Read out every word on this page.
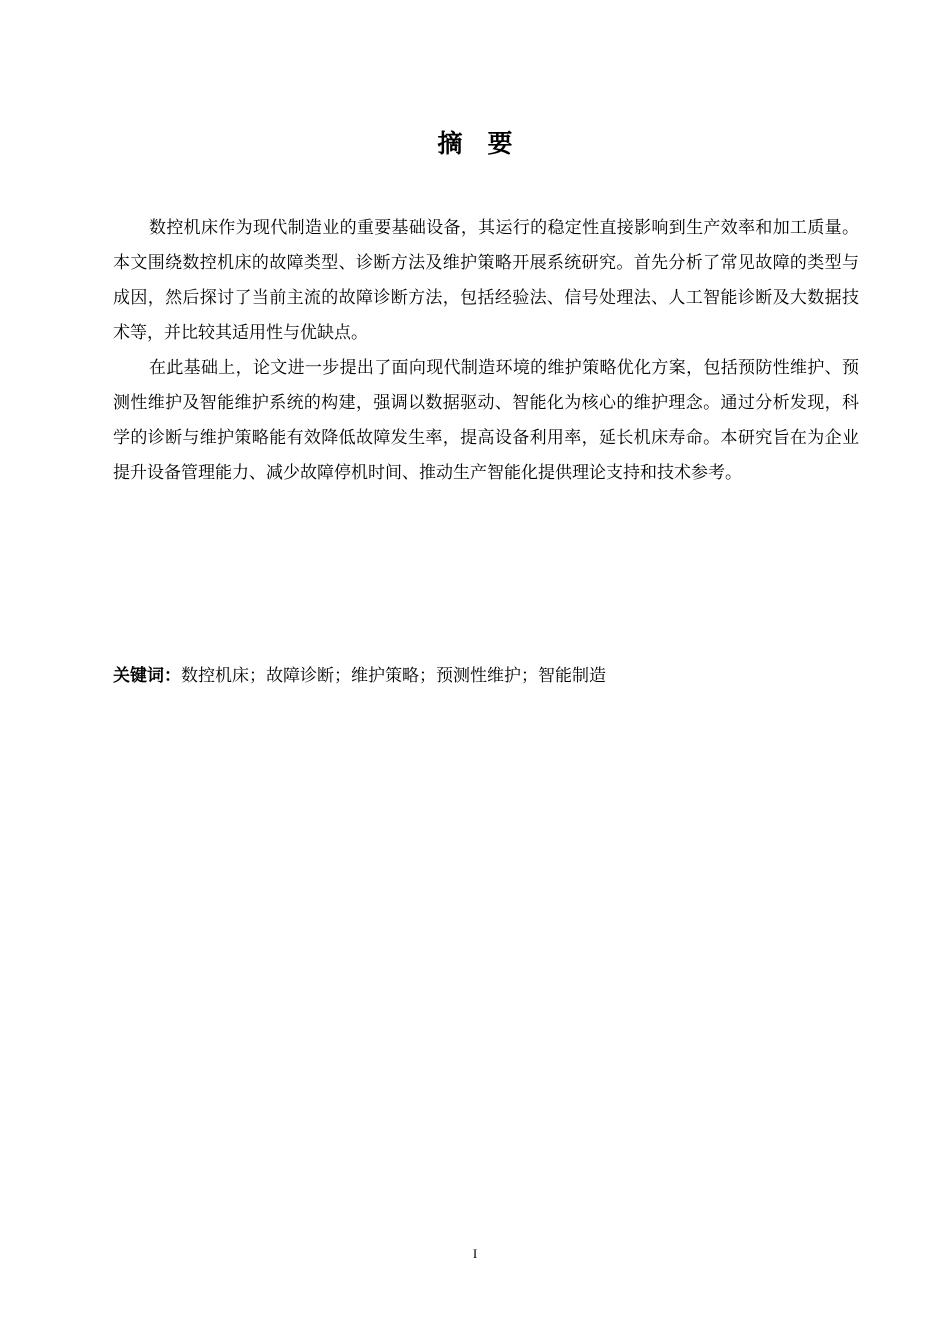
摘　要

数控机床作为现代制造业的重要基础设备，其运行的稳定性直接影响到生产效率和加工质量。本文围绕数控机床的故障类型、诊断方法及维护策略开展系统研究。首先分析了常见故障的类型与成因，然后探讨了当前主流的故障诊断方法，包括经验法、信号处理法、人工智能诊断及大数据技术等，并比较其适用性与优缺点。

在此基础上，论文进一步提出了面向现代制造环境的维护策略优化方案，包括预防性维护、预测性维护及智能维护系统的构建，强调以数据驱动、智能化为核心的维护理念。通过分析发现，科学的诊断与维护策略能有效降低故障发生率，提高设备利用率，延长机床寿命。本研究旨在为企业提升设备管理能力、减少故障停机时间、推动生产智能化提供理论支持和技术参考。

关键词：数控机床；故障诊断；维护策略；预测性维护；智能制造
I
